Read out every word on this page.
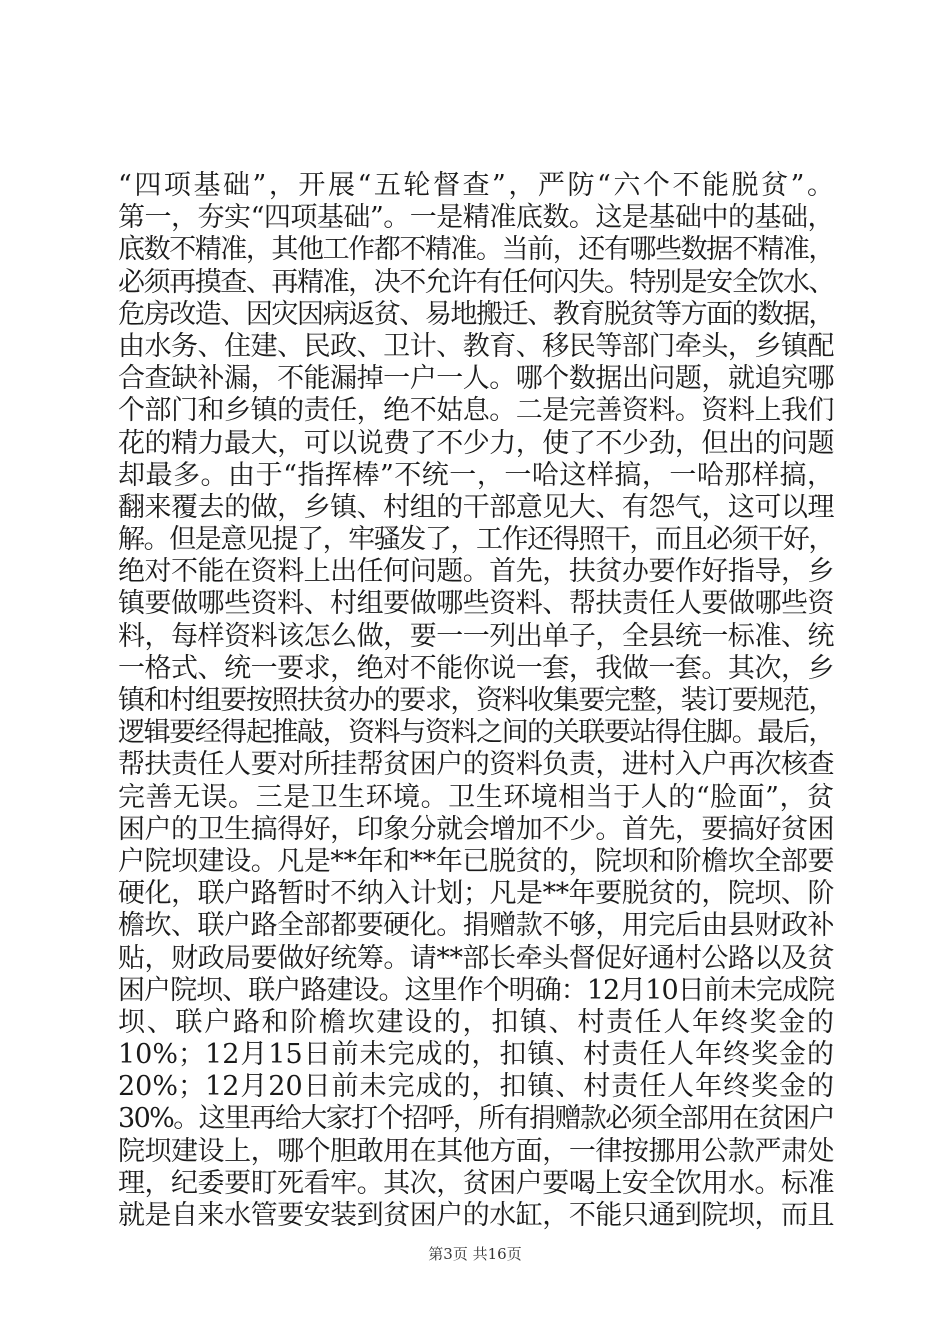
“四项基础”，开展“五轮督查”，严防“六个不能脱贫”。
第一，夯实“四项基础”。一是精准底数。这是基础中的基础，
底数不精准，其他工作都不精准。当前，还有哪些数据不精准，
必须再摸查、再精准，决不允许有任何闪失。特别是安全饮水、
危房改造、因灾因病返贫、易地搬迁、教育脱贫等方面的数据，
由水务、住建、民政、卫计、教育、移民等部门牵头，乡镇配
合查缺补漏，不能漏掉一户一人。哪个数据出问题，就追究哪
个部门和乡镇的责任，绝不姑息。二是完善资料。资料上我们
花的精力最大，可以说费了不少力，使了不少劲，但出的问题
却最多。由于“指挥棒”不统一，一哈这样搞，一哈那样搞，
翻来覆去的做，乡镇、村组的干部意见大、有怨气，这可以理
解。但是意见提了，牢骚发了，工作还得照干，而且必须干好，
绝对不能在资料上出任何问题。首先，扶贫办要作好指导，乡
镇要做哪些资料、村组要做哪些资料、帮扶责任人要做哪些资
料，每样资料该怎么做，要一一列出单子，全县统一标准、统
一格式、统一要求，绝对不能你说一套，我做一套。其次，乡
镇和村组要按照扶贫办的要求，资料收集要完整，装订要规范，
逻辑要经得起推敲，资料与资料之间的关联要站得住脚。最后，
帮扶责任人要对所挂帮贫困户的资料负责，进村入户再次核查
完善无误。三是卫生环境。卫生环境相当于人的“脸面”，贫
困户的卫生搞得好，印象分就会增加不少。首先，要搞好贫困
户院坝建设。凡是**年和**年已脱贫的，院坝和阶檐坎全部要
硬化，联户路暂时不纳入计划；凡是**年要脱贫的，院坝、阶
檐坎、联户路全部都要硬化。捐赠款不够，用完后由县财政补
贴，财政局要做好统筹。请**部长牵头督促好通村公路以及贫
困户院坝、联户路建设。这里作个明确：12月10日前未完成院
坝、联户路和阶檐坎建设的，扣镇、村责任人年终奖金的
10%；12月15日前未完成的，扣镇、村责任人年终奖金的
20%；12月20日前未完成的，扣镇、村责任人年终奖金的
30%。这里再给大家打个招呼，所有捐赠款必须全部用在贫困户
院坝建设上，哪个胆敢用在其他方面，一律按挪用公款严肃处
理，纪委要盯死看牢。其次，贫困户要喝上安全饮用水。标准
就是自来水管要安装到贫困户的水缸，不能只通到院坝，而且
第3页 共16页
